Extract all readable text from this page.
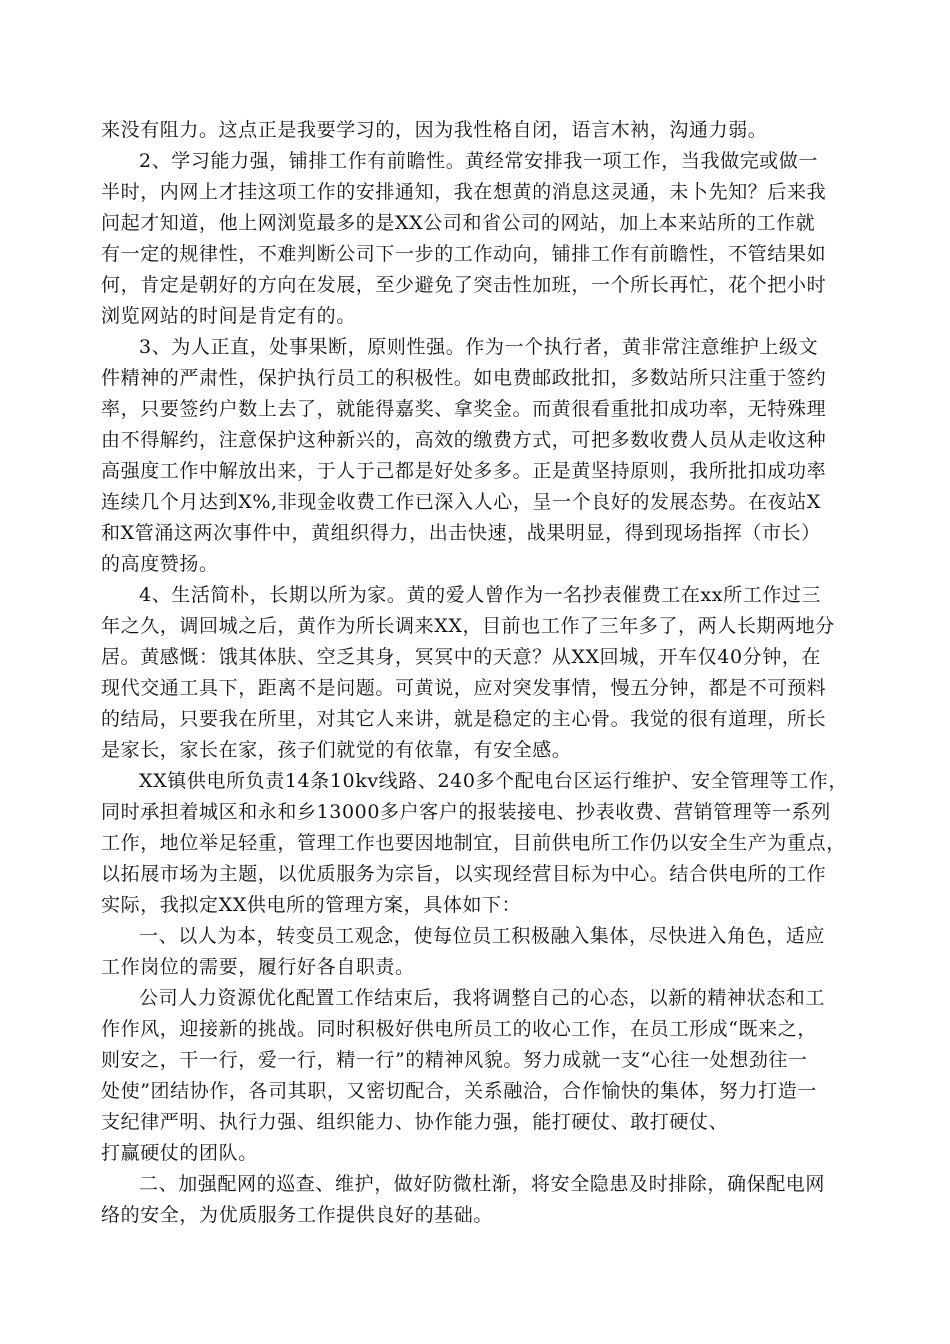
来没有阻力。这点正是我要学习的，因为我性格自闭，语言木衲，沟通力弱。
2、学习能力强，铺排工作有前瞻性。黄经常安排我一项工作，当我做完或做一
半时，内网上才挂这项工作的安排通知，我在想黄的消息这灵通，未卜先知？后来我
问起才知道，他上网浏览最多的是XX公司和省公司的网站，加上本来站所的工作就
有一定的规律性，不难判断公司下一步的工作动向，铺排工作有前瞻性，不管结果如
何，肯定是朝好的方向在发展，至少避免了突击性加班，一个所长再忙，花个把小时
浏览网站的时间是肯定有的。
3、为人正直，处事果断，原则性强。作为一个执行者，黄非常注意维护上级文
件精神的严肃性，保护执行员工的积极性。如电费邮政批扣，多数站所只注重于签约
率，只要签约户数上去了，就能得嘉奖、拿奖金。而黄很看重批扣成功率，无特殊理
由不得解约，注意保护这种新兴的，高效的缴费方式，可把多数收费人员从走收这种
高强度工作中解放出来，于人于己都是好处多多。正是黄坚持原则，我所批扣成功率
连续几个月达到X%,非现金收费工作已深入人心，呈一个良好的发展态势。在夜站X
和X管涌这两次事件中，黄组织得力，出击快速，战果明显，得到现场指挥（市长）
的高度赞扬。
4、生活简朴，长期以所为家。黄的爱人曾作为一名抄表催费工在xx所工作过三
年之久，调回城之后，黄作为所长调来XX，目前也工作了三年多了，两人长期两地分
居。黄感慨：饿其体肤、空乏其身，冥冥中的天意？从XX回城，开车仅40分钟，在
现代交通工具下，距离不是问题。可黄说，应对突发事情，慢五分钟，都是不可预料
的结局，只要我在所里，对其它人来讲，就是稳定的主心骨。我觉的很有道理，所长
是家长，家长在家，孩子们就觉的有依靠，有安全感。
XX镇供电所负责14条10kv线路、240多个配电台区运行维护、安全管理等工作，
同时承担着城区和永和乡13000多户客户的报装接电、抄表收费、营销管理等一系列
工作，地位举足轻重，管理工作也要因地制宜，目前供电所工作仍以安全生产为重点，
以拓展市场为主题，以优质服务为宗旨，以实现经营目标为中心。结合供电所的工作
实际，我拟定XX供电所的管理方案，具体如下：
一、以人为本，转变员工观念，使每位员工积极融入集体，尽快进入角色，适应
工作岗位的需要，履行好各自职责。
公司人力资源优化配置工作结束后，我将调整自己的心态，以新的精神状态和工
作作风，迎接新的挑战。同时积极好供电所员工的收心工作，在员工形成“既来之，
则安之，干一行，爱一行，精一行”的精神风貌。努力成就一支“心往一处想劲往一
处使”团结协作，各司其职，又密切配合，关系融洽，合作愉快的集体，努力打造一
支纪律严明、执行力强、组织能力、协作能力强，能打硬仗、敢打硬仗、
打赢硬仗的团队。
二、加强配网的巡查、维护，做好防微杜渐，将安全隐患及时排除，确保配电网
络的安全，为优质服务工作提供良好的基础。
